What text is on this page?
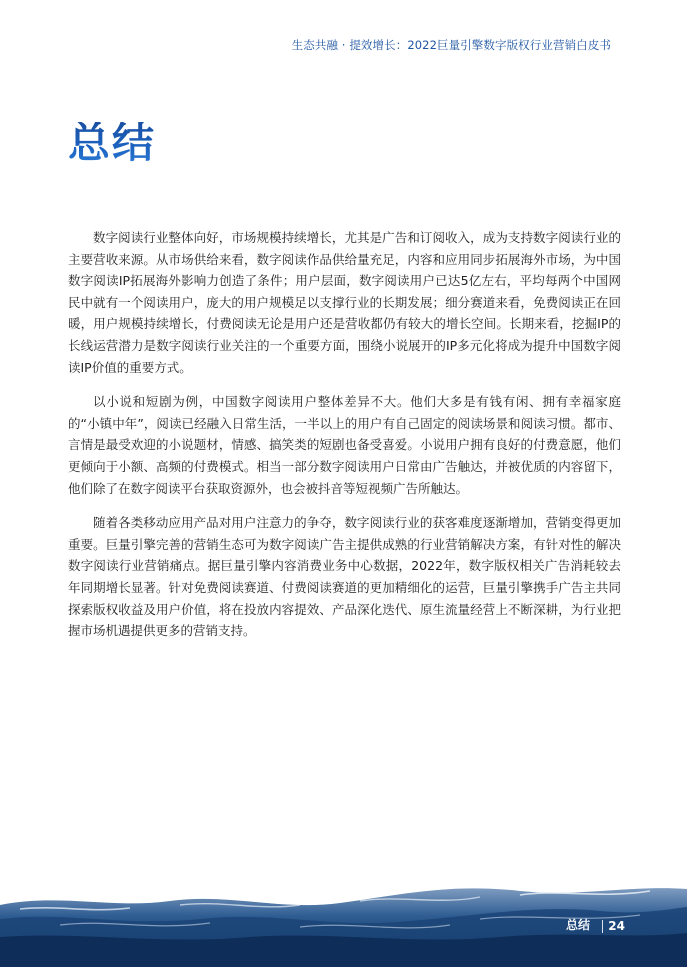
生态共融 · 提效增长：2022巨量引擎数字版权行业营销白皮书
总结

数字阅读行业整体向好，市场规模持续增长，尤其是广告和订阅收入，成为支持数字阅读行业的主要营收来源。从市场供给来看，数字阅读作品供给量充足，内容和应用同步拓展海外市场，为中国数字阅读IP拓展海外影响力创造了条件；用户层面，数字阅读用户已达5亿左右，平均每两个中国网民中就有一个阅读用户，庞大的用户规模足以支撑行业的长期发展；细分赛道来看，免费阅读正在回暖，用户规模持续增长，付费阅读无论是用户还是营收都仍有较大的增长空间。长期来看，挖掘IP的长线运营潜力是数字阅读行业关注的一个重要方面，围绕小说展开的IP多元化将成为提升中国数字阅读IP价值的重要方式。

以小说和短剧为例，中国数字阅读用户整体差异不大。他们大多是有钱有闲、拥有幸福家庭的“小镇中年”，阅读已经融入日常生活，一半以上的用户有自己固定的阅读场景和阅读习惯。都市、言情是最受欢迎的小说题材，情感、搞笑类的短剧也备受喜爱。小说用户拥有良好的付费意愿，他们更倾向于小额、高频的付费模式。相当一部分数字阅读用户日常由广告触达，并被优质的内容留下，他们除了在数字阅读平台获取资源外，也会被抖音等短视频广告所触达。

随着各类移动应用产品对用户注意力的争夺，数字阅读行业的获客难度逐渐增加，营销变得更加重要。巨量引擎完善的营销生态可为数字阅读广告主提供成熟的行业营销解决方案，有针对性的解决数字阅读行业营销痛点。据巨量引擎内容消费业务中心数据，2022年，数字版权相关广告消耗较去年同期增长显著。针对免费阅读赛道、付费阅读赛道的更加精细化的运营，巨量引擎携手广告主共同探索版权收益及用户价值，将在投放内容提效、产品深化迭代、原生流量经营上不断深耕，为行业把握市场机遇提供更多的营销支持。

总结 24
